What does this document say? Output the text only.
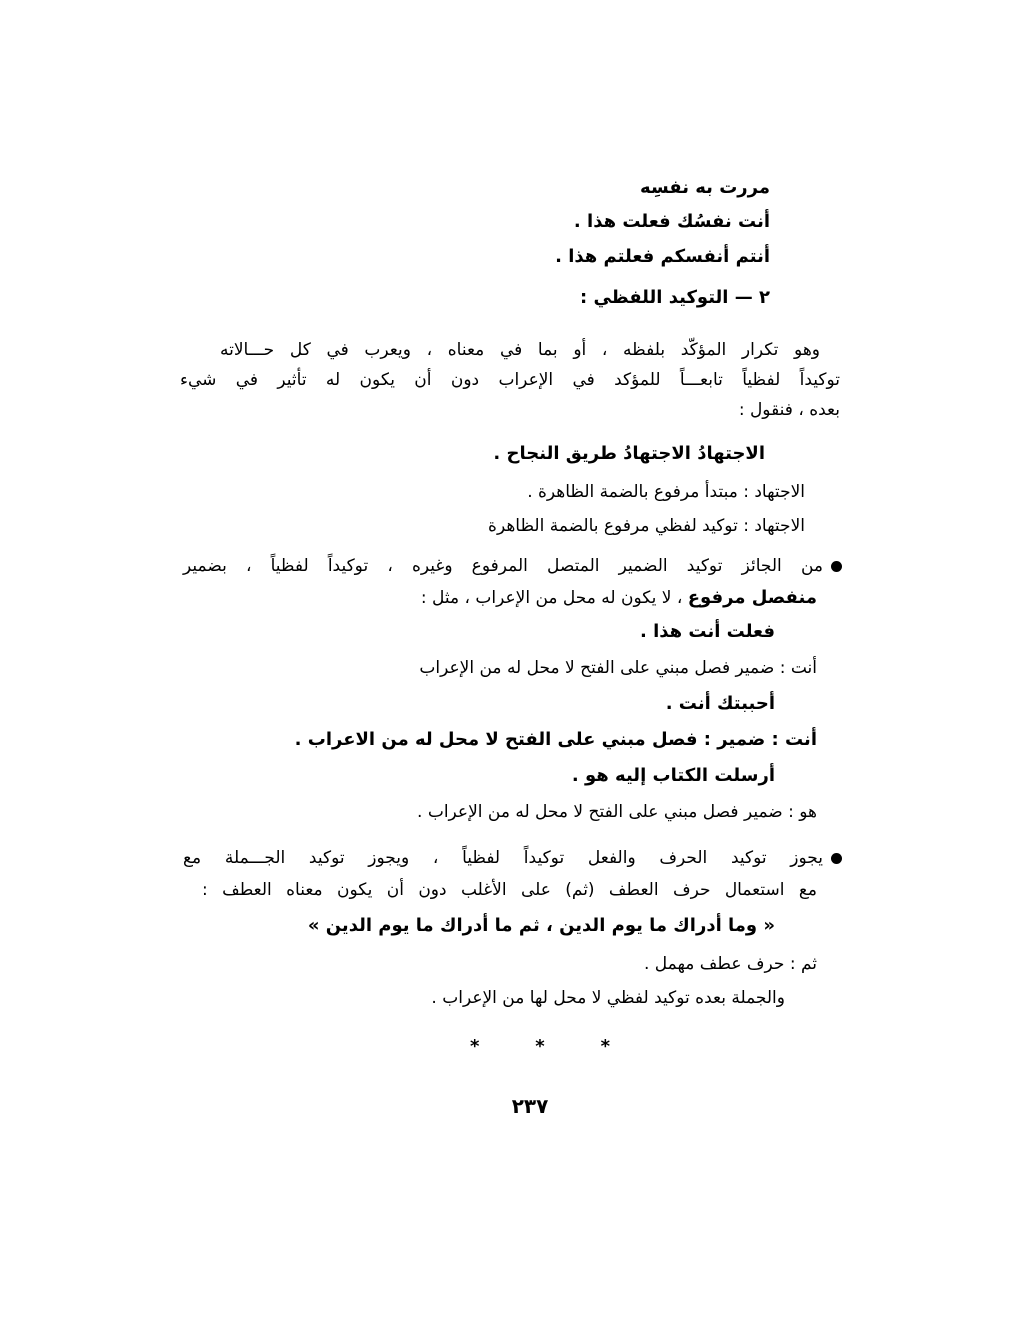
مررت به نفسِه
أنت نفسُك فعلت هذا .
أنتم أنفسكم فعلتم هذا .
٢ — التوكيد اللفظي :
وهو تكرار المؤكّد بلفظه ، أو بما في معناه ، ويعرب في كل حـــالاته
توكيداً لفظياً تابعـــاً للمؤكد في الإعراب دون أن يكون له تأثير في شيء
بعده ، فنقول :
الاجتهادُ الاجتهادُ طريق النجاح .
الاجتهاد : مبتدأ مرفوع بالضمة الظاهرة .
الاجتهاد : توكيد لفظي مرفوع بالضمة الظاهرة
من الجائز توكيد الضمير المتصل المرفوع وغيره ، توكيداً لفظياً ، بضمير
منفصل مرفوع ، لا يكون له محل من الإعراب ، مثل :
فعلت أنت هذا .
أنت : ضمير فصل مبني على الفتح لا محل له من الإعراب
أحببتك أنت .
أنت : ضمير : فصل مبني على الفتح لا محل له من الاعراب .
أرسلت الكتاب إليه هو .
هو : ضمير فصل مبني على الفتح لا محل له من الإعراب .
يجوز توكيد الحرف والفعل توكيداً لفظياً ، ويجوز توكيد الجـــملة مع
مع استعمال حرف العطف (ثم) على الأغلب دون أن يكون معناه العطف :
« وما أدراك ما يوم الدين ، ثم ما أدراك ما يوم الدين »
ثم : حرف عطف مهمل .
والجملة بعده توكيد لفظي لا محل لها من الإعراب .
*	*	*
٢٣٧
